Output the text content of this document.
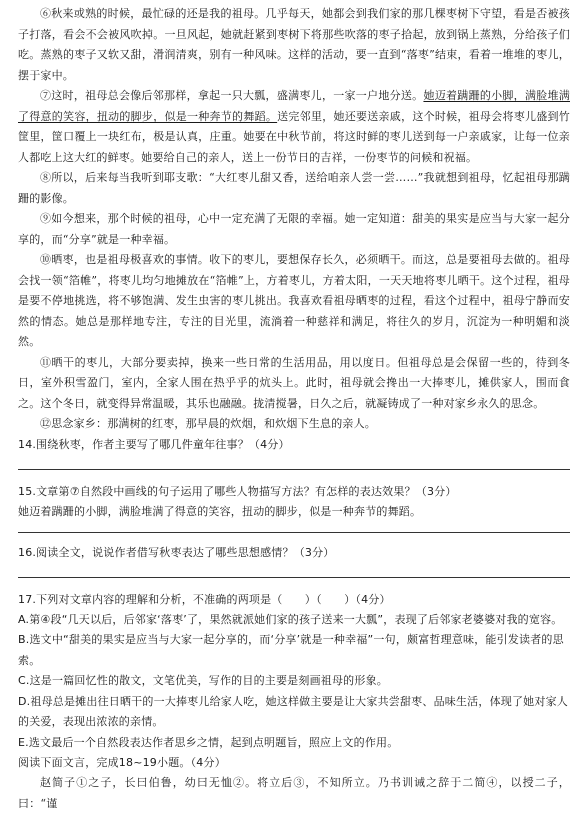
⑥秋来或熟的时候，最忙碌的还是我的祖母。几乎每天，她都会到我们家的那几棵枣树下守望，看是否被孩子打落，看会不会被风吹掉。一旦风起，她就赶紧到枣树下将那些吹落的枣子拾起，放到锅上蒸熟，分给孩子们吃。蒸熟的枣子又软又甜，滑润清爽，别有一种风味。这样的活动，要一直到“落枣”结束，看着一堆堆的枣儿，摆于家中。

⑦这时，祖母总会像后邻那样，拿起一只大瓢，盛满枣儿，一家一户地分送。她迈着蹒跚的小脚，满脸堆满了得意的笑容，扭动的脚步，似是一种奔节的舞蹈。送完邻里，她还要送亲戚，这个时候，祖母会将枣儿盛到竹筐里，筐口覆上一块红布，极是认真，庄重。她要在中秋节前，将这时鲜的枣儿送到每一户亲戚家，让每一位亲人都吃上这大红的鲜枣。她要给自己的亲人，送上一份节日的吉祥，一份枣节的问候和祝福。

⑧所以，后来每当我听到耶支歌：“大红枣儿甜又香，送给咱亲人尝一尝……”我就想到祖母，忆起祖母那蹒跚的影像。

⑨如今想来，那个时候的祖母，心中一定充满了无限的幸福。她一定知道：甜美的果实是应当与大家一起分享的，而“分享”就是一种幸福。

⑩晒枣，也是祖母极喜欢的事情。收下的枣儿，要想保存长久，必须晒干。而这，总是要祖母去做的。祖母会找一领“箔帷”，将枣儿均匀地摊放在“箔帷”上，方着枣儿，方着太阳，一天天地将枣儿晒干。这个过程，祖母是要不停地挑选，将不够饱满、发生虫害的枣儿挑出。我喜欢看祖母晒枣的过程，看这个过程中，祖母宁静而安然的情态。她总是那样地专注，专注的目光里，流淌着一种慈祥和满足，将往久的岁月，沉淀为一种明媚和淡然。

⑪晒干的枣儿，大部分要卖掉，换来一些日常的生活用品，用以度日。但祖母总是会保留一些的，待到冬日，室外积雪盈门，室内，全家人围在热乎乎的炕头上。此时，祖母就会搀出一大捧枣儿，摊供家人，围而食之。这个冬日，就变得异常温暖，其乐也融融。拢清搅暑，日久之后，就凝铸成了一种对家乡永久的思念。

⑫思念家乡：那满树的红枣，那早晨的炊烟，和炊烟下生息的亲人。

14.围绕秋枣，作者主要写了哪几件童年往事？（4分）

15.文章第⑦自然段中画线的句子运用了哪些人物描写方法？有怎样的表达效果？（3分）

她迈着蹒跚的小脚，满脸堆满了得意的笑容，扭动的脚步，似是一种奔节的舞蹈。

16.阅读全文，说说作者借写秋枣表达了哪些思想感情？（3分）

17.下列对文章内容的理解和分析，不准确的两项是（　　）（　　）（4分）

A.第④段“几天以后，后邻家‘落枣’了，果然就派她们家的孩子送来一大瓢”，表现了后邻家老婆婆对我的宽容。

B.选文中“甜美的果实是应当与大家一起分享的，而‘分享’就是一种幸福”一句，颇富哲理意味，能引发读者的思索。

C.这是一篇回忆性的散文，文笔优美，写作的目的主要是刻画祖母的形象。

D.祖母总是摊出往日晒干的一大捧枣儿给家人吃，她这样做主要是让大家共尝甜枣、品味生活，体现了她对家人的关爱，表现出浓浓的亲情。

E.选文最后一个自然段表达作者思乡之情，起到点明题旨，照应上文的作用。

阅读下面文言，完成18~19小题。（4分）

赵简子①之子，长曰伯鲁，幼曰无恤②。将立后③，不知所立。乃书训诫之辞于二简④，以授二子，曰：“谨
